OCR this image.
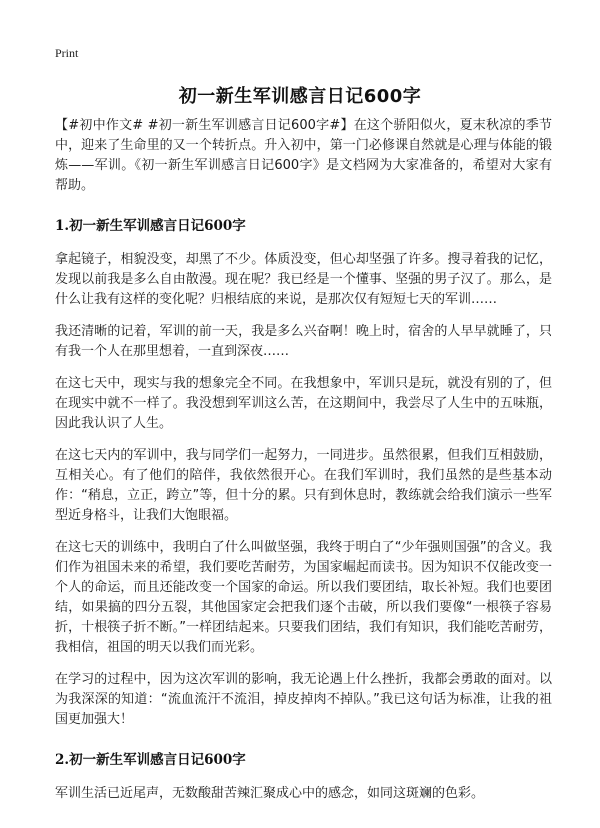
Print
初一新生军训感言日记600字

【#初中作文# #初一新生军训感言日记600字#】在这个骄阳似火，夏末秋凉的季节中，迎来了生命里的又一个转折点。升入初中，第一门必修课自然就是心理与体能的锻炼——军训。《初一新生军训感言日记600字》是文档网为大家准备的，希望对大家有帮助。

1.初一新生军训感言日记600字

拿起镜子，相貌没变，却黑了不少。体质没变，但心却坚强了许多。搜寻着我的记忆，发现以前我是多么自由散漫。现在呢？我已经是一个懂事、坚强的男子汉了。那么，是什么让我有这样的变化呢？归根结底的来说，是那次仅有短短七天的军训……

我还清晰的记着，军训的前一天，我是多么兴奋啊！晚上时，宿舍的人早早就睡了，只有我一个人在那里想着，一直到深夜……

在这七天中，现实与我的想象完全不同。在我想象中，军训只是玩，就没有别的了，但在现实中就不一样了。我没想到军训这么苦，在这期间中，我尝尽了人生中的五味瓶，因此我认识了人生。

在这七天内的军训中，我与同学们一起努力，一同进步。虽然很累，但我们互相鼓励，互相关心。有了他们的陪伴，我依然很开心。在我们军训时，我们虽然的是些基本动作：“稍息，立正，跨立”等，但十分的累。只有到休息时，教练就会给我们演示一些军型近身格斗，让我们大饱眼福。

在这七天的训练中，我明白了什么叫做坚强，我终于明白了“少年强则国强”的含义。我们作为祖国未来的希望，我们要吃苦耐劳，为国家崛起而读书。因为知识不仅能改变一个人的命运，而且还能改变一个国家的命运。所以我们要团结，取长补短。我们也要团结，如果搞的四分五裂，其他国家定会把我们逐个击破，所以我们要像“一根筷子容易折，十根筷子折不断。”一样团结起来。只要我们团结，我们有知识，我们能吃苦耐劳，我相信，祖国的明天以我们而光彩。

在学习的过程中，因为这次军训的影响，我无论遇上什么挫折，我都会勇敢的面对。以为我深深的知道：“流血流汗不流泪，掉皮掉肉不掉队。”我已这句话为标准，让我的祖国更加强大！

2.初一新生军训感言日记600字

军训生活已近尾声，无数酸甜苦辣汇聚成心中的感念，如同这斑斓的色彩。
